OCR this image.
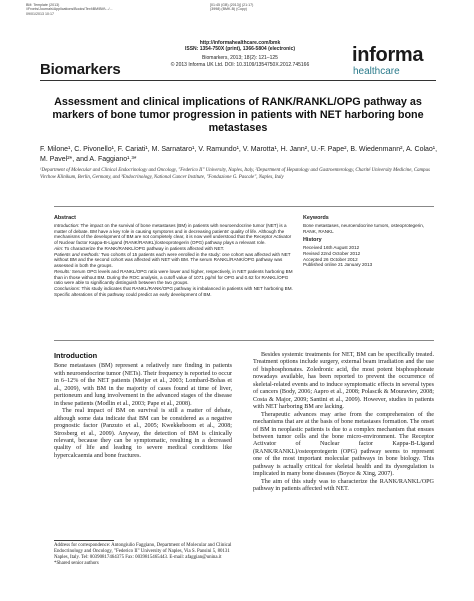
BM: Template (2013)
\\Fronts\Journals\Applications\Books\Text\BM\BM\.../...
09/01/2013 10:17
[01:45 (GB) (2013)] (21:17)
(3998) (BMK-B) (Copy)
http://informahealthcare.com/bmk
ISSN: 1354-750X (print), 1366-5804 (electronic)
Biomarkers, 2013; 18(2): 121–125
© 2013 Informa UK Ltd. DOI: 10.3109/1354750X.2012.745166
Biomarkers
informa
healthcare
Assessment and clinical implications of RANK/RANKL/OPG pathway as markers of bone tumor progression in patients with NET harboring bone metastases
F. Milone¹, C. Pivonello¹, F. Cariati¹, M. Sarnataro¹, V. Ramundo¹, V. Marotta¹, H. Jann², U.-F. Pape², B. Wiedenmann², A. Colao¹, M. Pavel²*, and A. Faggiano¹,³*
¹Department of Molecular and Clinical Endocrinology and Oncology, "Federico II" University, Naples, Italy, ²Department of Hepatology and Gastroenterology, Charité University Medicine, Campus Virchow Klinikum, Berlin, Germany, and ³Endocrinology, National Cancer Institute, "Fondazione G. Pascale", Naples, Italy
Abstract

Introduction: The impact on the survival of bone metastases (BM) in patients with neuroendocrine tumor (NET) is a matter of debate. BM have a key role in causing symptoms and in decreasing patients' quality of life. Although the mechanisms of the development of BM are not completely clear, it is now well understood that the Receptor Activator of Nuclear factor Kappa-B-Ligand (RANK/RANKL)/osteoprotegerin (OPG) pathway plays a relevant role.

Aim: To characterize the RANK/RANKL/OPG pathway in patients affected with NET.

Patients and methods: Two cohorts of 15 patients each were enrolled in the study: one cohort was affected with NET without BM and the second cohort was affected with NET with BM. The serum RANKL/RANK/OPG pathway was assessed in both the groups.

Results: Serum OPG levels and RANKL/OPG ratio were lower and higher, respectively, in NET patients harboring BM than in those without BM. During the ROC analysis, a cutoff value of 1071 pg/ml for OPG and 0.62 for RANKL/OPG ratio were able to significantly distinguish between the two groups.

Conclusions: This study indicates that RANKL/RANK/OPG pathway is imbalanced in patients with NET harboring BM. Specific alterations of this pathway could predict an early development of BM.

Keywords
Bone metastases, neuroendocrine tumors, osteoprotegerin, RANK, RANKL
History
Received 16th August 2012
Revised 22nd October 2012
Accepted 26 October 2012
Published online 21 January 2013
Introduction

Bone metastases (BM) represent a relatively rare finding in patients with neuroendocrine tumor (NETs). Their frequency is reported to occur in 6–12% of the NET patients (Meijer et al., 2003; Lombard-Bohas et al., 2009), with BM in the majority of cases found at time of liver, peritoneum and lung involvement in the advanced stages of the disease in these patients (Modlin et al., 2003; Pape et al., 2008).

The real impact of BM on survival is still a matter of debate, although some data indicate that BM can be considered as a negative prognostic factor (Panzuto et al., 2005; Kwekkeboom et al., 2008; Strosberg et al., 2009). Anyway, the detection of BM is clinically relevant, because they can be symptomatic, resulting in a decreased quality of life and leading to severe medical conditions like hypercalcaemia and bone fractures.

Besides systemic treatments for NET, BM can be specifically treated. Treatment options include surgery, external beam irradiation and the use of bisphosphonates. Zoledronic acid, the most potent bisphosphonate nowadays available, has been reported to prevent the occurrence of skeletal-related events and to induce symptomatic effects in several types of cancers (Body, 2006; Aapro et al., 2008; Polascik & Mouraviev, 2008; Costa & Major, 2009; Santini et al., 2009). However, studies in patients with NET harboring BM are lacking.

Therapeutic advances may arise from the comprehension of the mechanisms that are at the basis of bone metastases formation. The onset of BM in neoplastic patients is due to a complex mechanism that ensues between tumor cells and the bone micro-environment. The Receptor Activator of Nuclear factor Kappa-B-Ligand (RANK/RANKL)/osteoprotegerin (OPG) pathway seems to represent one of the most important molecular pathways in bone biology. This pathway is actually critical for skeletal health and its dysregulation is implicated in many bone diseases (Boyce & Xing, 2007).

The aim of this study was to characterize the RANK/RANKL/OPG pathway in patients affected with NET.

Address for correspondence: Antongiulio Faggiano, Department of Molecular and Clinical Endocrinology and Oncology, "Federico II" University of Naples, Via S. Pansini 5, 80131 Naples, Italy. Tel: 00390817464375 Fax: 0039815465443. E-mail: afaggian@unina.it
*Shared senior authors
